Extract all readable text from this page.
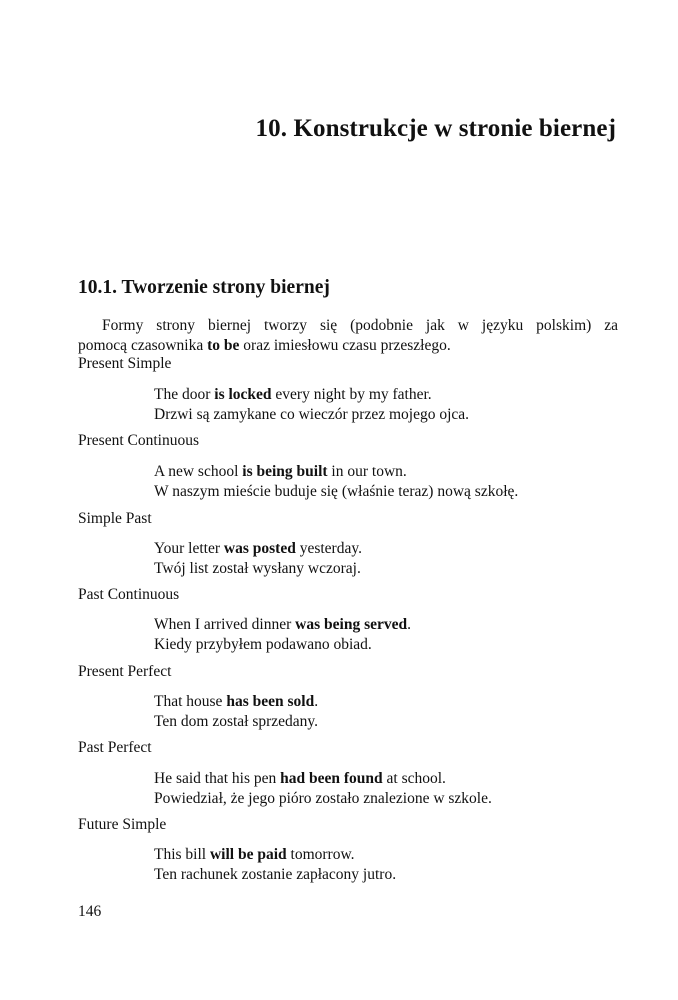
10. Konstrukcje w stronie biernej
10.1. Tworzenie strony biernej

Formy strony biernej tworzy się (podobnie jak w języku polskim) za
pomocą czasownika to be oraz imiesłowu czasu przeszłego.

Present Simple
The door is locked every night by my father.
Drzwi są zamykane co wieczór przez mojego ojca.
Present Continuous
A new school is being built in our town.
W naszym mieście buduje się (właśnie teraz) nową szkołę.
Simple Past
Your letter was posted yesterday.
Twój list został wysłany wczoraj.
Past Continuous
When I arrived dinner was being served.
Kiedy przybyłem podawano obiad.
Present Perfect
That house has been sold.
Ten dom został sprzedany.
Past Perfect
He said that his pen had been found at school.
Powiedział, że jego pióro zostało znalezione w szkole.
Future Simple
This bill will be paid tomorrow.
Ten rachunek zostanie zapłacony jutro.
146
